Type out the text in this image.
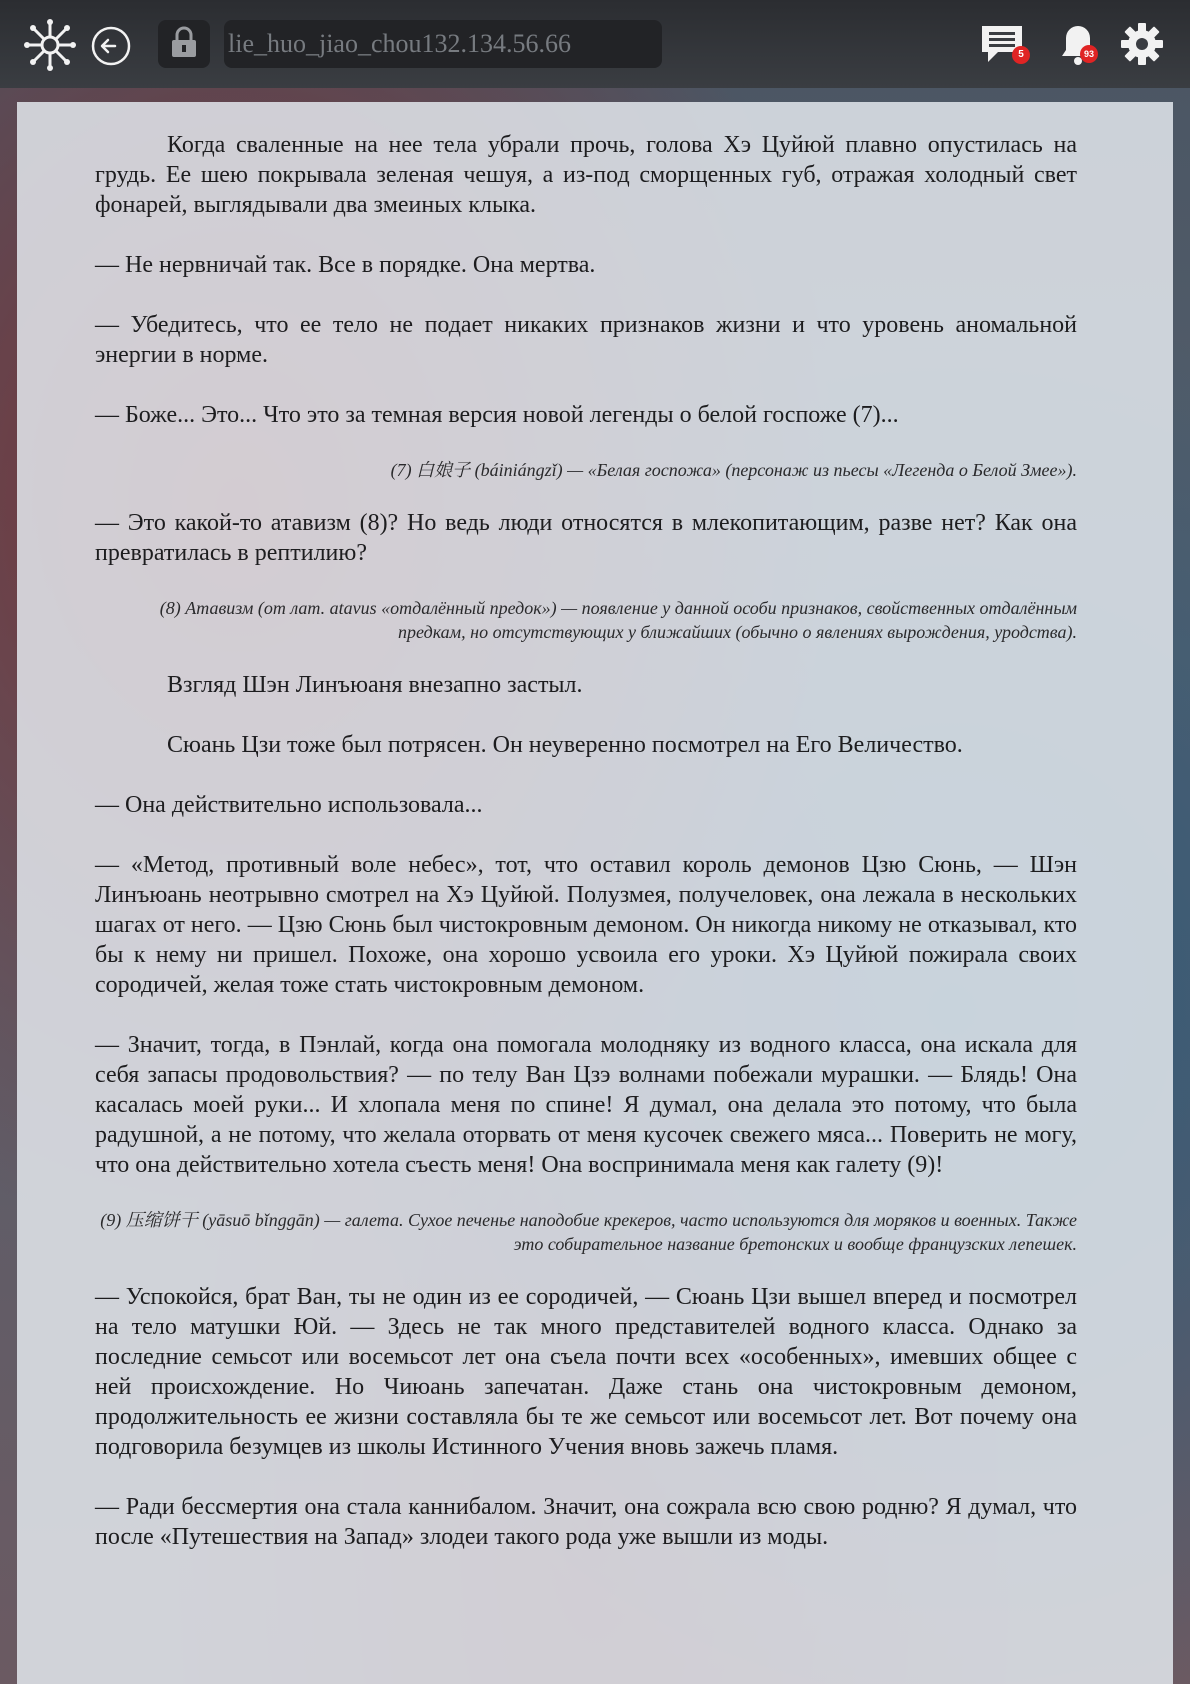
lie_huo_jiao_chou132.134.56.66	5	93

Когда сваленные на нее тела убрали прочь, голова Хэ Цуйюй плавно опустилась на грудь. Ее шею покрывала зеленая чешуя, а из-под сморщенных губ, отражая холодный свет фонарей, выглядывали два змеиных клыка.

— Не нервничай так. Все в порядке. Она мертва.

— Убедитесь, что ее тело не подает никаких признаков жизни и что уровень аномальной энергии в норме.

— Боже... Это... Что это за темная версия новой легенды о белой госпоже (7)...

(7) 白娘子 (báiniángzǐ) — «Белая госпожа» (персонаж из пьесы «Легенда о Белой Змее»).

— Это какой-то атавизм (8)? Но ведь люди относятся в млекопитающим, разве нет? Как она превратилась в рептилию?

(8) Атавизм (от лат. atavus «отдалённый предок») — появление у данной особи признаков, свойственных отдалённым предкам, но отсутствующих у ближайших (обычно о явлениях вырождения, уродства).

Взгляд Шэн Линъюаня внезапно застыл.

Сюань Цзи тоже был потрясен. Он неуверенно посмотрел на Его Величество.

— Она действительно использовала...

— «Метод, противный воле небес», тот, что оставил король демонов Цзю Сюнь, — Шэн Линъюань неотрывно смотрел на Хэ Цуйюй. Полузмея, получеловек, она лежала в нескольких шагах от него. — Цзю Сюнь был чистокровным демоном. Он никогда никому не отказывал, кто бы к нему ни пришел. Похоже, она хорошо усвоила его уроки. Хэ Цуйюй пожирала своих сородичей, желая тоже стать чистокровным демоном.

— Значит, тогда, в Пэнлай, когда она помогала молодняку из водного класса, она искала для себя запасы продовольствия? — по телу Ван Цзэ волнами побежали мурашки. — Блядь! Она касалась моей руки... И хлопала меня по спине! Я думал, она делала это потому, что была радушной, а не потому, что желала оторвать от меня кусочек свежего мяса... Поверить не могу, что она действительно хотела съесть меня! Она воспринимала меня как галету (9)!

(9) 压缩饼干 (yāsuō bǐnggān) — галета. Сухое печенье наподобие крекеров, часто используются для моряков и военных. Также это собирательное название бретонских и вообще французских лепешек.

— Успокойся, брат Ван, ты не один из ее сородичей, — Сюань Цзи вышел вперед и посмотрел на тело матушки Юй. — Здесь не так много представителей водного класса. Однако за последние семьсот или восемьсот лет она съела почти всех «особенных», имевших общее с ней происхождение. Но Чиюань запечатан. Даже стань она чистокровным демоном, продолжительность ее жизни составляла бы те же семьсот или восемьсот лет. Вот почему она подговорила безумцев из школы Истинного Учения вновь зажечь пламя.

— Ради бессмертия она стала каннибалом. Значит, она сожрала всю свою родню? Я думал, что после «Путешествия на Запад» злодеи такого рода уже вышли из моды.
